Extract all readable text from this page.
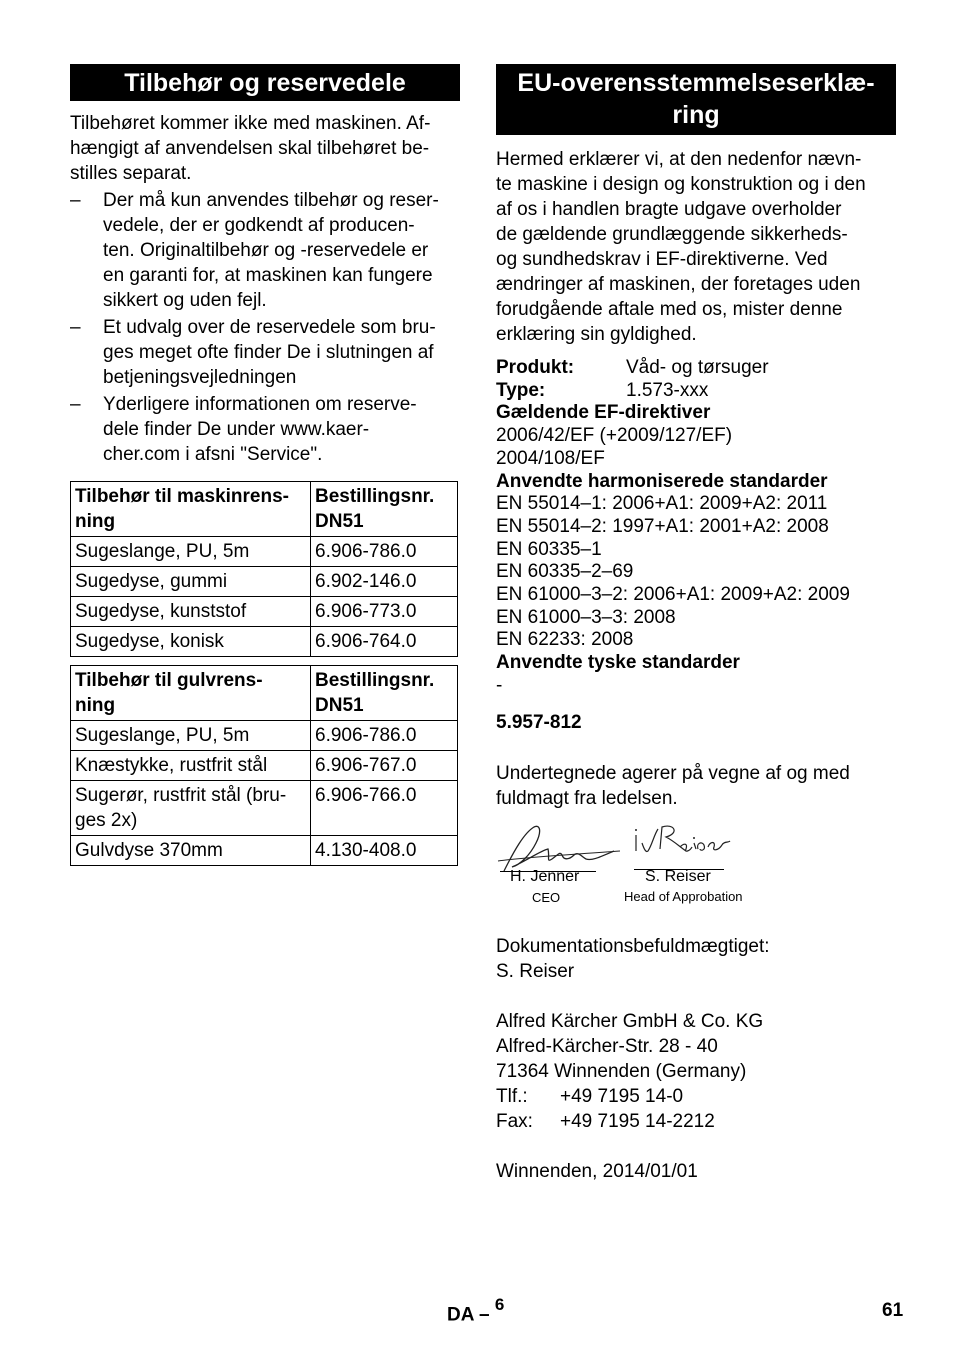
Tilbehør og reservedele

Tilbehøret kommer ikke med maskinen. Af-
hængigt af anvendelsen skal tilbehøret be-
stilles separat.

– Der må kun anvendes tilbehør og reser-
vedele, der er godkendt af producen-
ten. Originaltilbehør og -reservedele er
en garanti for, at maskinen kan fungere
sikkert og uden fejl.
– Et udvalg over de reservedele som bru-
ges meget ofte finder De i slutningen af
betjeningsvejledningen
– Yderligere informationen om reserve-
dele finder De under www.kaer-
cher.com i afsni "Service".
Tilbehør til maskinrens-
ning	Bestillingsnr.
DN51
Sugeslange, PU, 5m	6.906-786.0
Sugedyse, gummi	6.902-146.0
Sugedyse, kunststof	6.906-773.0
Sugedyse, konisk	6.906-764.0
Tilbehør til gulvrens-
ning	Bestillingsnr.
DN51
Sugeslange, PU, 5m	6.906-786.0
Knæstykke, rustfrit stål	6.906-767.0
Sugerør, rustfrit stål (bru-
ges 2x)	6.906-766.0
Gulvdyse 370mm	4.130-408.0
EU-overensstemmelseserklæ-
ring

Hermed erklærer vi, at den nedenfor nævn-
te maskine i design og konstruktion og i den
af os i handlen bragte udgave overholder
de gældende grundlæggende sikkerheds-
og sundhedskrav i EF-direktiverne. Ved
ændringer af maskinen, der foretages uden
forudgående aftale med os, mister denne
erklæring sin gyldighed.

Produkt:	Våd- og tørsuger
Type:	1.573-xxx
Gældende EF-direktiver
2006/42/EF (+2009/127/EF)
2004/108/EF
Anvendte harmoniserede standarder
EN 55014–1: 2006+A1: 2009+A2: 2011
EN 55014–2: 1997+A1: 2001+A2: 2008
EN 60335–1
EN 60335–2–69
EN 61000–3–2: 2006+A1: 2009+A2: 2009
EN 61000–3–3: 2008
EN 62233: 2008
Anvendte tyske standarder
-
5.957-812

Undertegnede agerer på vegne af og med
fuldmagt fra ledelsen.

H. Jenner
CEO
S. Reiser
Head of Approbation

Dokumentationsbefuldmægtiget:
S. Reiser

Alfred Kärcher GmbH & Co. KG
Alfred-Kärcher-Str. 28 - 40
71364 Winnenden (Germany)
Tlf.: +49 7195 14-0
Fax: +49 7195 14-2212

Winnenden, 2014/01/01

DA – $^6$	61
